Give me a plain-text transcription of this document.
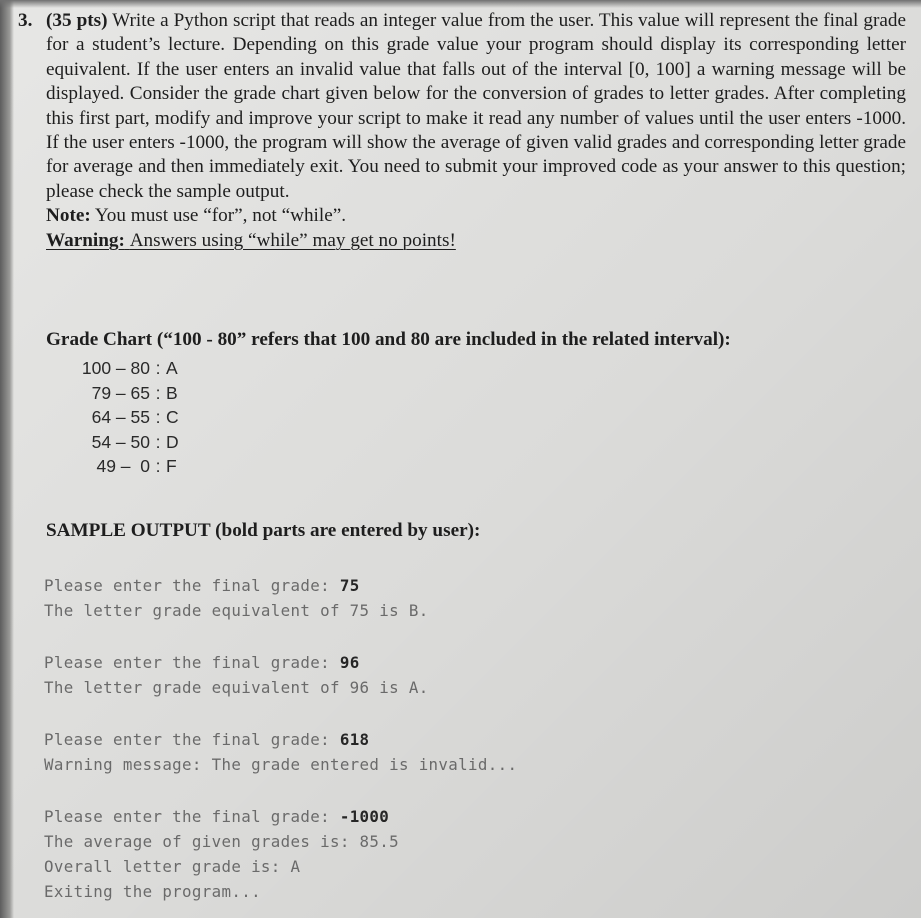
3. (35 pts) Write a Python script that reads an integer value from the user. This value will represent the final grade for a student’s lecture. Depending on this grade value your program should display its corresponding letter equivalent. If the user enters an invalid value that falls out of the interval [0, 100] a warning message will be displayed. Consider the grade chart given below for the conversion of grades to letter grades. After completing this first part, modify and improve your script to make it read any number of values until the user enters -1000. If the user enters -1000, the program will show the average of given valid grades and corresponding letter grade for average and then immediately exit. You need to submit your improved code as your answer to this question; please check the sample output.
Note: You must use “for”, not “while”.
Warning: Answers using “while” may get no points!
Grade Chart (“100 - 80” refers that 100 and 80 are included in the related interval):
100 – 80 : A
79 – 65 : B
64 – 55 : C
54 – 50 : D
49 –  0 : F
SAMPLE OUTPUT (bold parts are entered by user):
Please enter the final grade: 75
The letter grade equivalent of 75 is B.
Please enter the final grade: 96
The letter grade equivalent of 96 is A.
Please enter the final grade: 618
Warning message: The grade entered is invalid...
Please enter the final grade: -1000
The average of given grades is: 85.5
Overall letter grade is: A
Exiting the program...
